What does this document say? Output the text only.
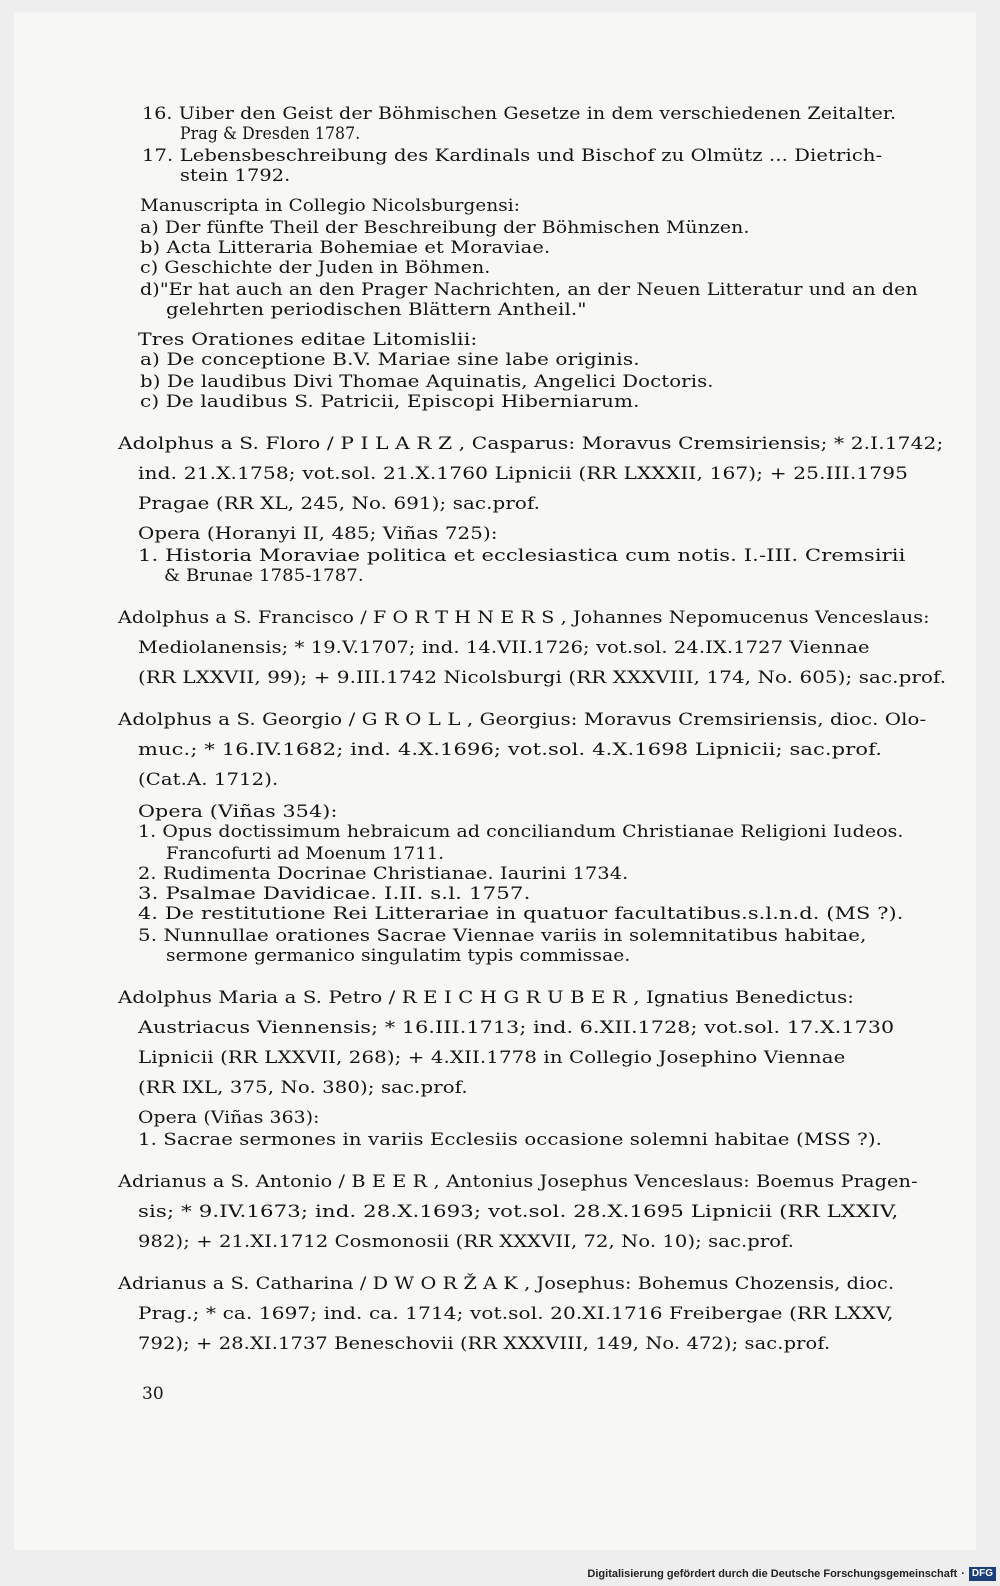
16. Uiber den Geist der Böhmischen Gesetze in dem verschiedenen Zeitalter.
Prag & Dresden 1787.
17. Lebensbeschreibung des Kardinals und Bischof zu Olmütz ... Dietrich-
stein 1792.
Manuscripta in Collegio Nicolsburgensi:
a) Der fünfte Theil der Beschreibung der Böhmischen Münzen.
b) Acta Litteraria Bohemiae et Moraviae.
c) Geschichte der Juden in Böhmen.
d)"Er hat auch an den Prager Nachrichten, an der Neuen Litteratur und an den
gelehrten periodischen Blättern Antheil."
Tres Orationes editae Litomislii:
a) De conceptione B.V. Mariae sine labe originis.
b) De laudibus Divi Thomae Aquinatis, Angelici Doctoris.
c) De laudibus S. Patricii, Episcopi Hiberniarum.
Adolphus a S. Floro / P I L A R Z , Casparus: Moravus Cremsiriensis; * 2.I.1742;
ind. 21.X.1758; vot.sol. 21.X.1760 Lipnicii (RR LXXXII, 167); + 25.III.1795
Pragae (RR XL, 245, No. 691); sac.prof.
Opera (Horanyi II, 485; Viñas 725):
1. Historia Moraviae politica et ecclesiastica cum notis. I.-III. Cremsirii
& Brunae 1785-1787.
Adolphus a S. Francisco / F O R T H N E R S , Johannes Nepomucenus Venceslaus:
Mediolanensis; * 19.V.1707; ind. 14.VII.1726; vot.sol. 24.IX.1727 Viennae
(RR LXXVII, 99); + 9.III.1742 Nicolsburgi (RR XXXVIII, 174, No. 605); sac.prof.
Adolphus a S. Georgio / G R O L L , Georgius: Moravus Cremsiriensis, dioc. Olo-
muc.; * 16.IV.1682; ind. 4.X.1696; vot.sol. 4.X.1698 Lipnicii; sac.prof.
(Cat.A. 1712).
Opera (Viñas 354):
1. Opus doctissimum hebraicum ad conciliandum Christianae Religioni Iudeos.
Francofurti ad Moenum 1711.
2. Rudimenta Docrinae Christianae. Iaurini 1734.
3. Psalmae Davidicae. I.II. s.l. 1757.
4. De restitutione Rei Litterariae in quatuor facultatibus.s.l.n.d. (MS ?).
5. Nunnullae orationes Sacrae Viennae variis in solemnitatibus habitae,
sermone germanico singulatim typis commissae.
Adolphus Maria a S. Petro / R E I C H G R U B E R , Ignatius Benedictus:
Austriacus Viennensis; * 16.III.1713; ind. 6.XII.1728; vot.sol. 17.X.1730
Lipnicii (RR LXXVII, 268); + 4.XII.1778 in Collegio Josephino Viennae
(RR IXL, 375, No. 380); sac.prof.
Opera (Viñas 363):
1. Sacrae sermones in variis Ecclesiis occasione solemni habitae (MSS ?).
Adrianus a S. Antonio / B E E R , Antonius Josephus Venceslaus: Boemus Pragen-
sis; * 9.IV.1673; ind. 28.X.1693; vot.sol. 28.X.1695 Lipnicii (RR LXXIV,
982); + 21.XI.1712 Cosmonosii (RR XXXVII, 72, No. 10); sac.prof.
Adrianus a S. Catharina / D W O R Ž A K , Josephus: Bohemus Chozensis, dioc.
Prag.; * ca. 1697; ind. ca. 1714; vot.sol. 20.XI.1716 Freibergae (RR LXXV,
792); + 28.XI.1737 Beneschovii (RR XXXVIII, 149, No. 472); sac.prof.
30
Digitalisierung gefördert durch die Deutsche Forschungsgemeinschaft · DFG
